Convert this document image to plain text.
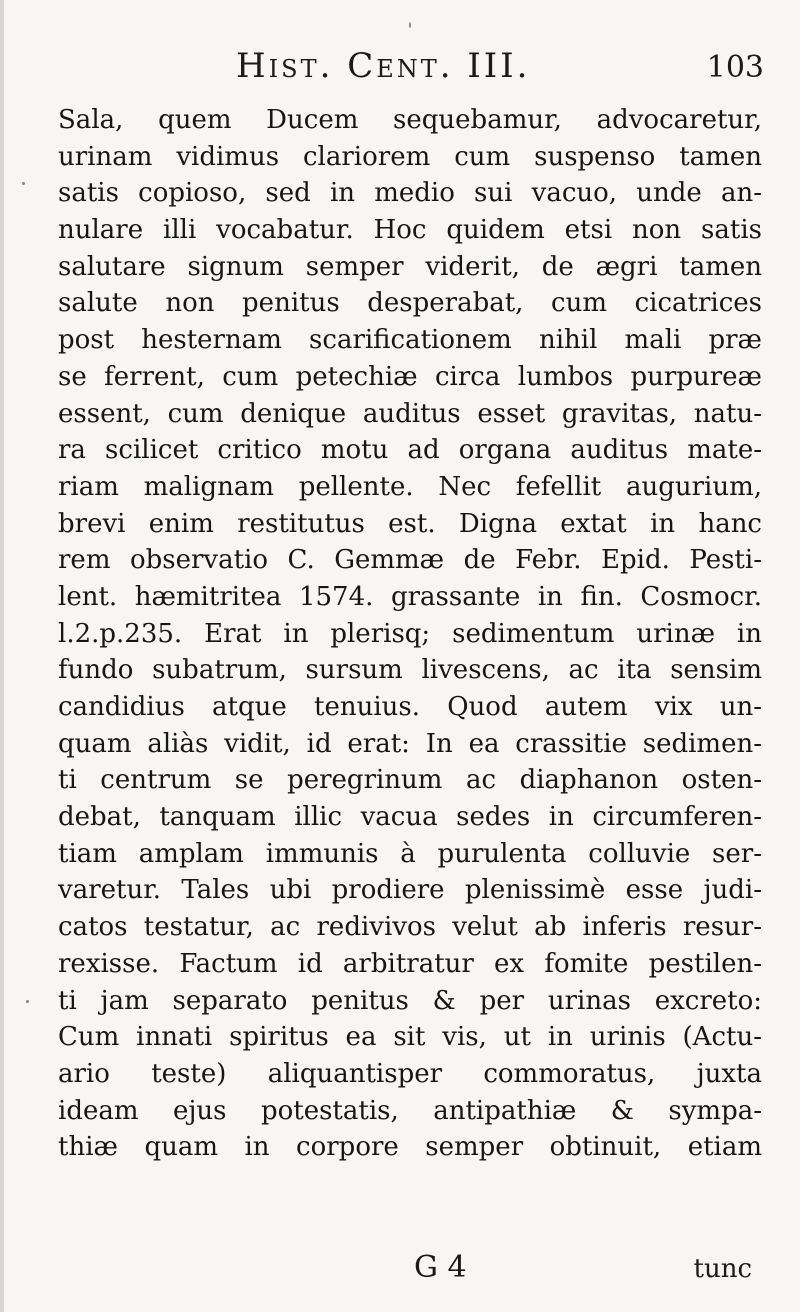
Hist. Cent. III.	103
Sala, quem Ducem sequebamur, advocaretur,
urinam vidimus clariorem cum suspenso tamen
satis copioso, sed in medio sui vacuo, unde an-
nulare illi vocabatur. Hoc quidem etsi non satis
salutare signum semper viderit, de ægri tamen
salute non penitus desperabat, cum cicatrices
post hesternam scarificationem nihil mali præ
se ferrent, cum petechiæ circa lumbos purpureæ
essent, cum denique auditus esset gravitas, natu-
ra scilicet critico motu ad organa auditus mate-
riam malignam pellente. Nec fefellit augurium,
brevi enim restitutus est. Digna extat in hanc
rem observatio C. Gemmæ de Febr. Epid. Pesti-
lent. hæmitritea 1574. grassante in fin. Cosmocr.
l.2.p.235. Erat in plerisq; sedimentum urinæ in
fundo subatrum, sursum livescens, ac ita sensim
candidius atque tenuius. Quod autem vix un-
quam aliàs vidit, id erat: In ea crassitie sedimen-
ti centrum se peregrinum ac diaphanon osten-
debat, tanquam illic vacua sedes in circumferen-
tiam amplam immunis à purulenta colluvie ser-
varetur. Tales ubi prodiere plenissimè esse judi-
catos testatur, ac redivivos velut ab inferis resur-
rexisse. Factum id arbitratur ex fomite pestilen-
ti jam separato penitus & per urinas excreto:
Cum innati spiritus ea sit vis, ut in urinis (Actu-
ario teste) aliquantisper commoratus, juxta
ideam ejus potestatis, antipathiæ & sympa-
thiæ quam in corpore semper obtinuit, etiam
G 4	tunc
